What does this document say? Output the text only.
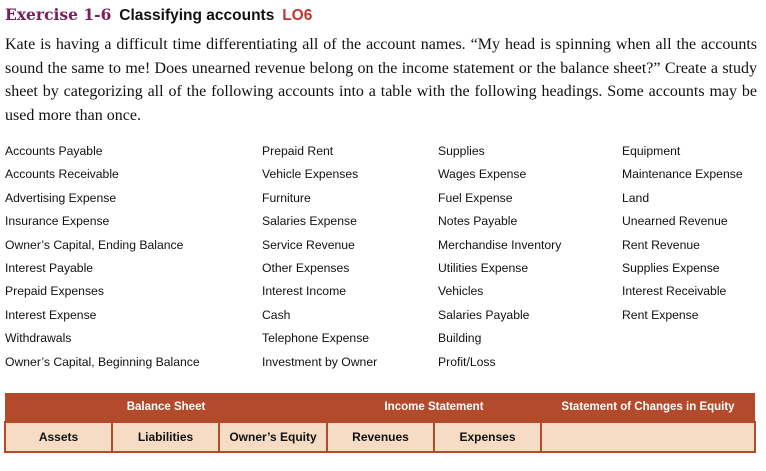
Exercise 1-6 Classifying accounts LO6

Kate is having a difficult time differentiating all of the account names. “My head is spinning when all the accounts sound the same to me! Does unearned revenue belong on the income statement or the balance sheet?” Create a study sheet by categorizing all of the following accounts into a table with the following headings. Some accounts may be used more than once.

Accounts Payable
Accounts Receivable
Advertising Expense
Insurance Expense
Owner’s Capital, Ending Balance
Interest Payable
Prepaid Expenses
Interest Expense
Withdrawals
Owner’s Capital, Beginning Balance
Prepaid Rent
Vehicle Expenses
Furniture
Salaries Expense
Service Revenue
Other Expenses
Interest Income
Cash
Telephone Expense
Investment by Owner
Supplies
Wages Expense
Fuel Expense
Notes Payable
Merchandise Inventory
Utilities Expense
Vehicles
Salaries Payable
Building
Profit/Loss
Equipment
Maintenance Expense
Land
Unearned Revenue
Rent Revenue
Supplies Expense
Interest Receivable
Rent Expense
Balance Sheet			Income Statement		Statement of Changes in Equity
Assets	Liabilities	Owner’s Equity	Revenues	Expenses	
